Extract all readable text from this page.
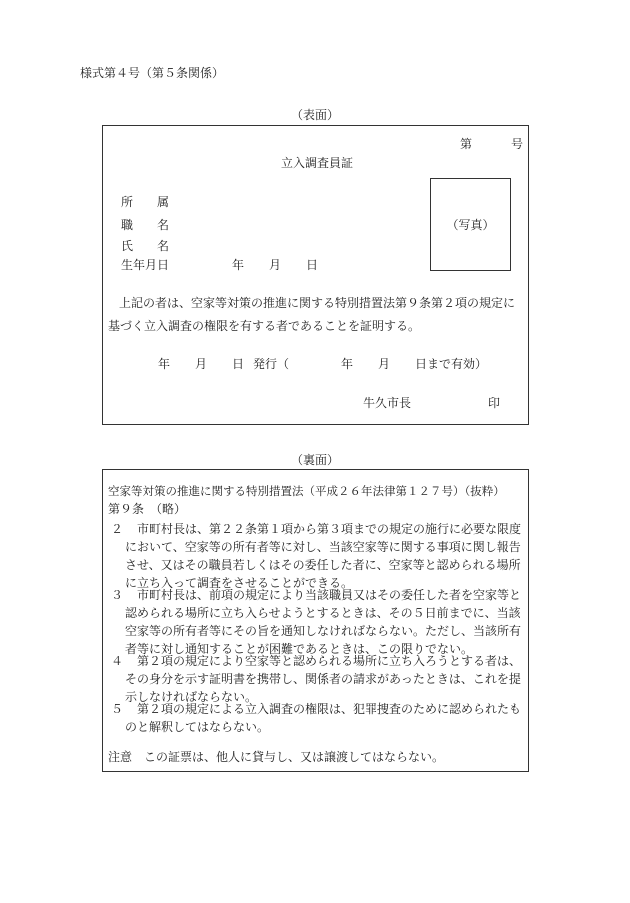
様式第４号（第５条関係）
（表面）
第	号
立入調査員証
所　　属
職　　名
氏　　名
生年月日	年 月 日
（写真）
上記の者は、空家等対策の推進に関する特別措置法第９条第２項の規定に
基づく立入調査の権限を有する者であることを証明する。
年 月 日 発行（	年 月 日まで有効）
牛久市長	印
（裏面）
空家等対策の推進に関する特別措置法（平成２６年法律第１２７号）（抜粋）
第９条　（略）
２	市町村長は、第２２条第１項から第３項までの規定の施行に必要な限度において、空家等の所有者等に対し、当該空家等に関する事項に関し報告させ、又はその職員若しくはその委任した者に、空家等と認められる場所に立ち入って調査をさせることができる。
３	市町村長は、前項の規定により当該職員又はその委任した者を空家等と認められる場所に立ち入らせようとするときは、その５日前までに、当該空家等の所有者等にその旨を通知しなければならない。ただし、当該所有者等に対し通知することが困難であるときは、この限りでない。
４	第２項の規定により空家等と認められる場所に立ち入ろうとする者は、その身分を示す証明書を携帯し、関係者の請求があったときは、これを提示しなければならない。
５	第２項の規定による立入調査の権限は、犯罪捜査のために認められたものと解釈してはならない。
注意　この証票は、他人に貸与し、又は譲渡してはならない。
